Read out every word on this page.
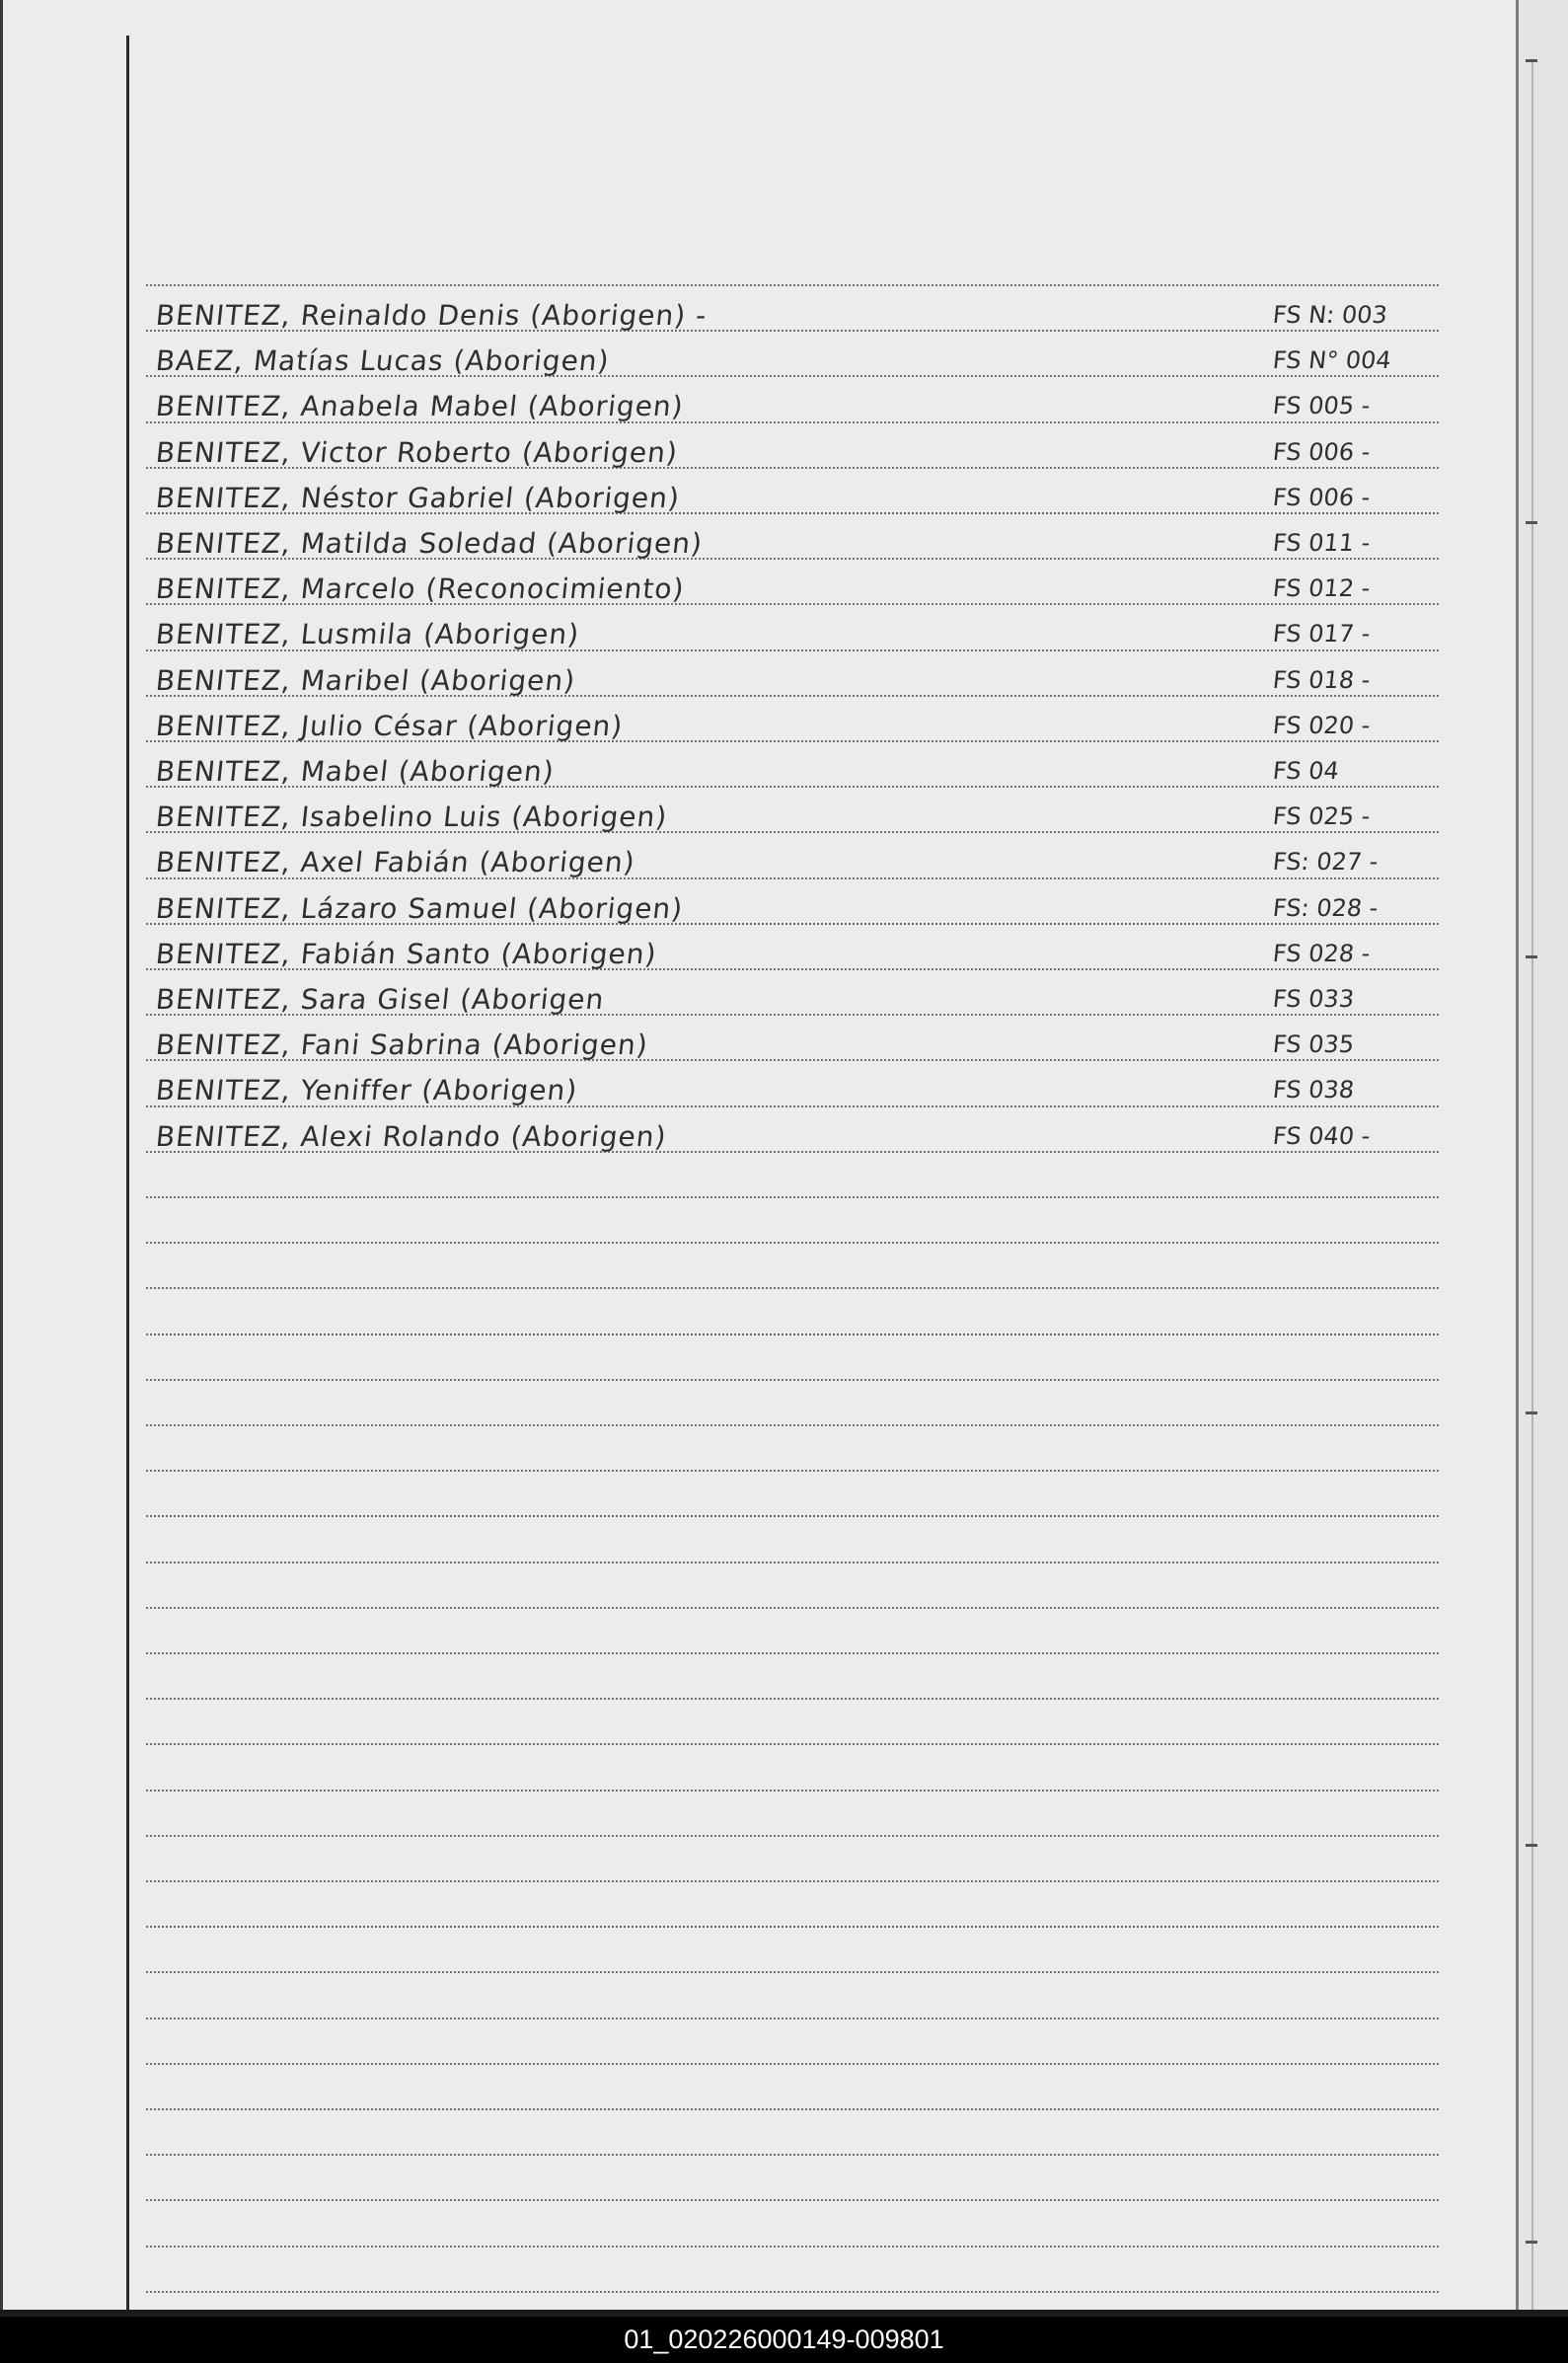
BENITEZ, Reinaldo Denis (Aborigen) -	FS N: 003
BAEZ, Matías Lucas (Aborigen)	FS N° 004
BENITEZ, Anabela Mabel (Aborigen)	FS 005 -
BENITEZ, Victor Roberto (Aborigen)	FS 006 -
BENITEZ, Néstor Gabriel (Aborigen)	FS 006 -
BENITEZ, Matilda Soledad (Aborigen)	FS 011 -
BENITEZ, Marcelo (Reconocimiento)	FS 012 -
BENITEZ, Lusmila (Aborigen)	FS 017 -
BENITEZ, Maribel (Aborigen)	FS 018 -
BENITEZ, Julio César (Aborigen)	FS 020 -
BENITEZ, Mabel (Aborigen)	FS 04
BENITEZ, Isabelino Luis (Aborigen)	FS 025 -
BENITEZ, Axel Fabián (Aborigen)	FS: 027 -
BENITEZ, Lázaro Samuel (Aborigen)	FS: 028 -
BENITEZ, Fabián Santo (Aborigen)	FS 028 -
BENITEZ, Sara Gisel (Aborigen	FS 033
BENITEZ, Fani Sabrina (Aborigen)	FS 035
BENITEZ, Yeniffer (Aborigen)	FS 038
BENITEZ, Alexi Rolando (Aborigen)	FS 040 -
01_020226000149-009801
